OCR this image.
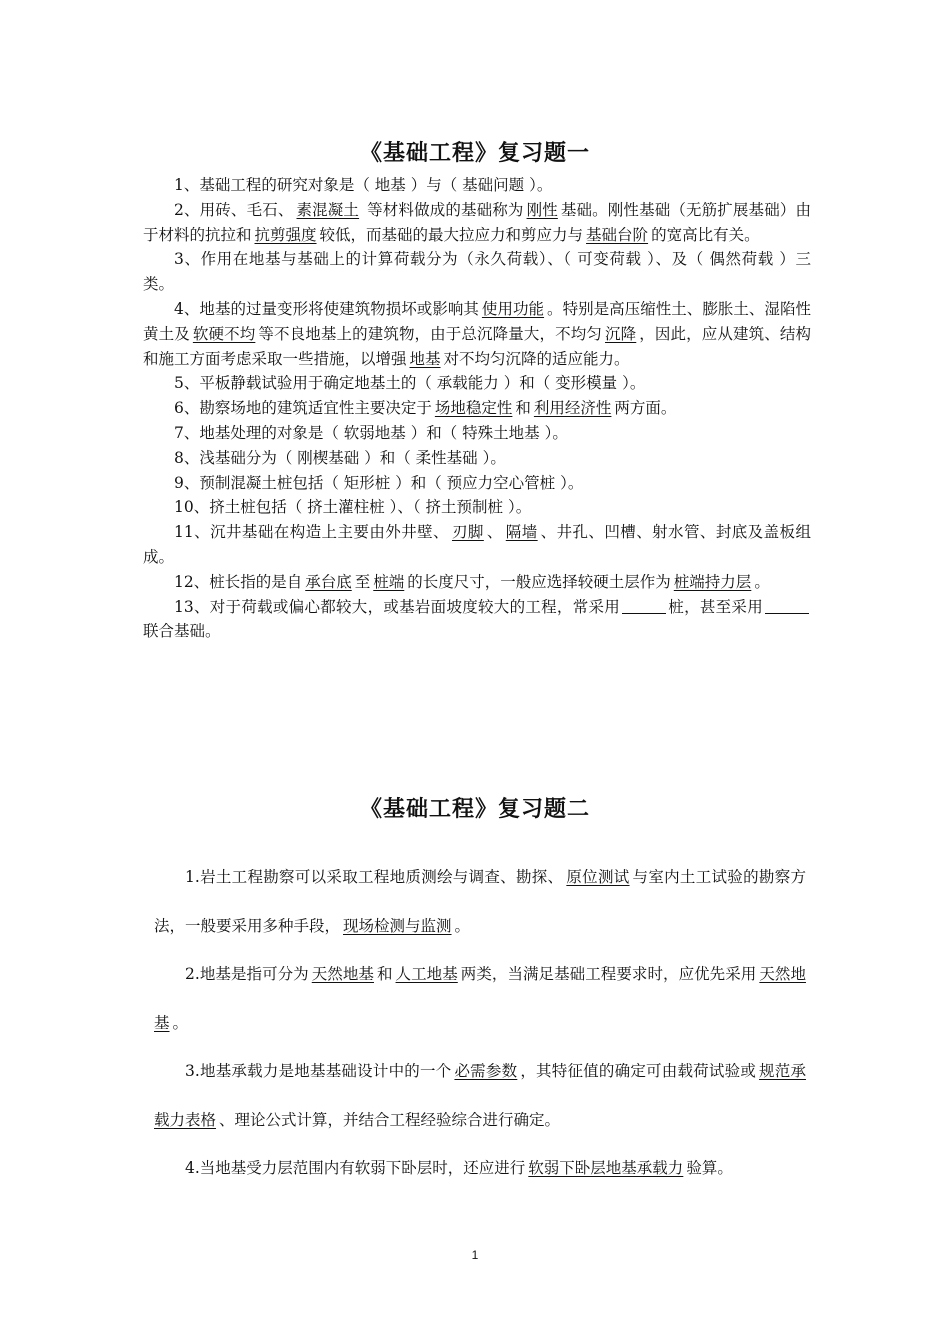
《基础工程》复习题一

1、基础工程的研究对象是（ 地基 ）与（ 基础问题 ）。

2、用砖、毛石、 素混凝土 等材料做成的基础称为 刚性 基础。刚性基础（无筋扩展基础）由于材料的抗拉和 抗剪强度 较低，而基础的最大拉应力和剪应力与 基础台阶 的宽高比有关。

3、作用在地基与基础上的计算荷载分为（永久荷载）、（ 可变荷载 ）、及（ 偶然荷载 ）三类。

4、地基的过量变形将使建筑物损坏或影响其 使用功能 。特别是高压缩性土、膨胀土、湿陷性黄土及 软硬不均 等不良地基上的建筑物，由于总沉降量大，不均匀 沉降 ，因此，应从建筑、结构和施工方面考虑采取一些措施，以增强 地基 对不均匀沉降的适应能力。

5、平板静载试验用于确定地基土的（ 承载能力 ）和（ 变形模量 ）。

6、勘察场地的建筑适宜性主要决定于 场地稳定性 和 利用经济性 两方面。

7、地基处理的对象是（ 软弱地基 ）和（ 特殊土地基 ）。

8、浅基础分为（ 刚楔基础 ）和（ 柔性基础 ）。

9、预制混凝土桩包括（ 矩形桩 ）和（ 预应力空心管桩 ）。

10、挤土桩包括（ 挤土灌柱桩 ）、（ 挤土预制桩 ）。

11、沉井基础在构造上主要由外井壁、 刃脚 、 隔墙 、井孔、凹槽、射水管、封底及盖板组成。

12、桩长指的是自 承台底 至 桩端 的长度尺寸，一般应选择较硬土层作为 桩端持力层 。

13、对于荷载或偏心都较大，或基岩面坡度较大的工程，常采用	桩，甚至采用联合基础。

《基础工程》复习题二

1.岩土工程勘察可以采取工程地质测绘与调查、勘探、 原位测试 与室内土工试验的勘察方法，一般要采用多种手段， 现场检测与监测 。

2.地基是指可分为 天然地基 和 人工地基 两类，当满足基础工程要求时，应优先采用 天然地基 。

3.地基承载力是地基基础设计中的一个 必需参数 ，其特征值的确定可由载荷试验或 规范承载力表格 、理论公式计算，并结合工程经验综合进行确定。

4.当地基受力层范围内有软弱下卧层时，还应进行 软弱下卧层地基承载力 验算。

1
